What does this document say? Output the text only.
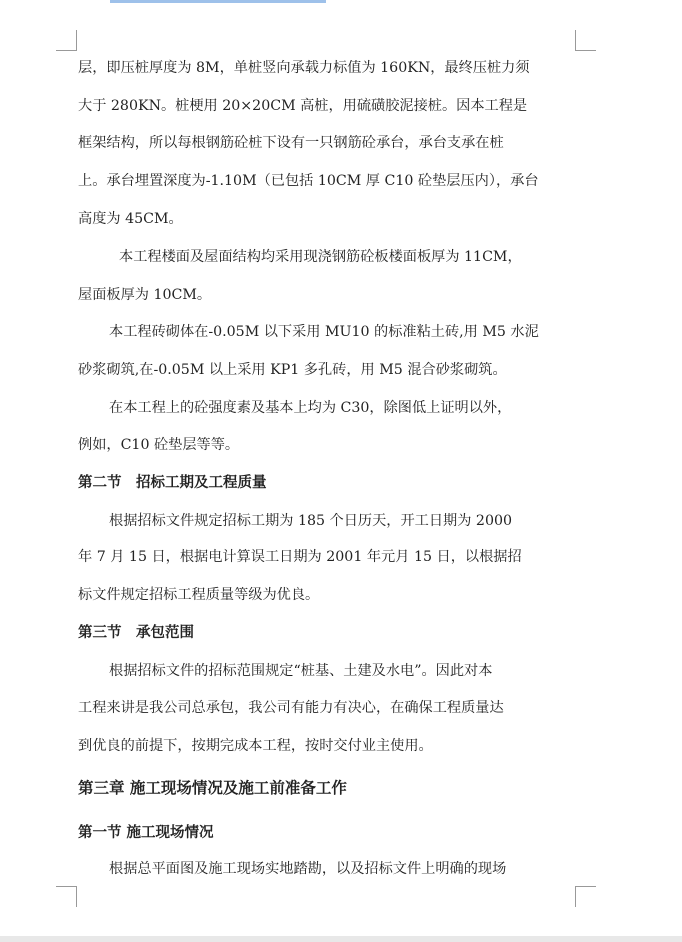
层，即压桩厚度为 8M，单桩竖向承载力标值为 160KN，最终压桩力须
大于 280KN。桩梗用 20×20CM 高桩，用硫磺胶泥接桩。因本工程是
框架结构，所以每根钢筋砼桩下设有一只钢筋砼承台，承台支承在桩
上。承台埋置深度为-1.10M（已包括 10CM 厚 C10 砼垫层压内），承台
高度为 45CM。
本工程楼面及屋面结构均采用现浇钢筋砼板楼面板厚为 11CM，
屋面板厚为 10CM。
本工程砖砌体在-0.05M 以下采用 MU10 的标准粘土砖,用 M5 水泥
砂浆砌筑,在-0.05M 以上采用 KP1 多孔砖，用 M5 混合砂浆砌筑。
在本工程上的砼强度素及基本上均为 C30，除图低上证明以外，
例如，C10 砼垫层等等。
第二节　招标工期及工程质量
根据招标文件规定招标工期为 185 个日历天，开工日期为 2000
年 7 月 15 日，根据电计算误工日期为 2001 年元月 15 日，以根据招
标文件规定招标工程质量等级为优良。
第三节　承包范围
根据招标文件的招标范围规定“桩基、土建及水电”。因此对本
工程来讲是我公司总承包，我公司有能力有决心，在确保工程质量达
到优良的前提下，按期完成本工程，按时交付业主使用。
第三章 施工现场情况及施工前准备工作
第一节 施工现场情况
根据总平面图及施工现场实地踏勘，以及招标文件上明确的现场
